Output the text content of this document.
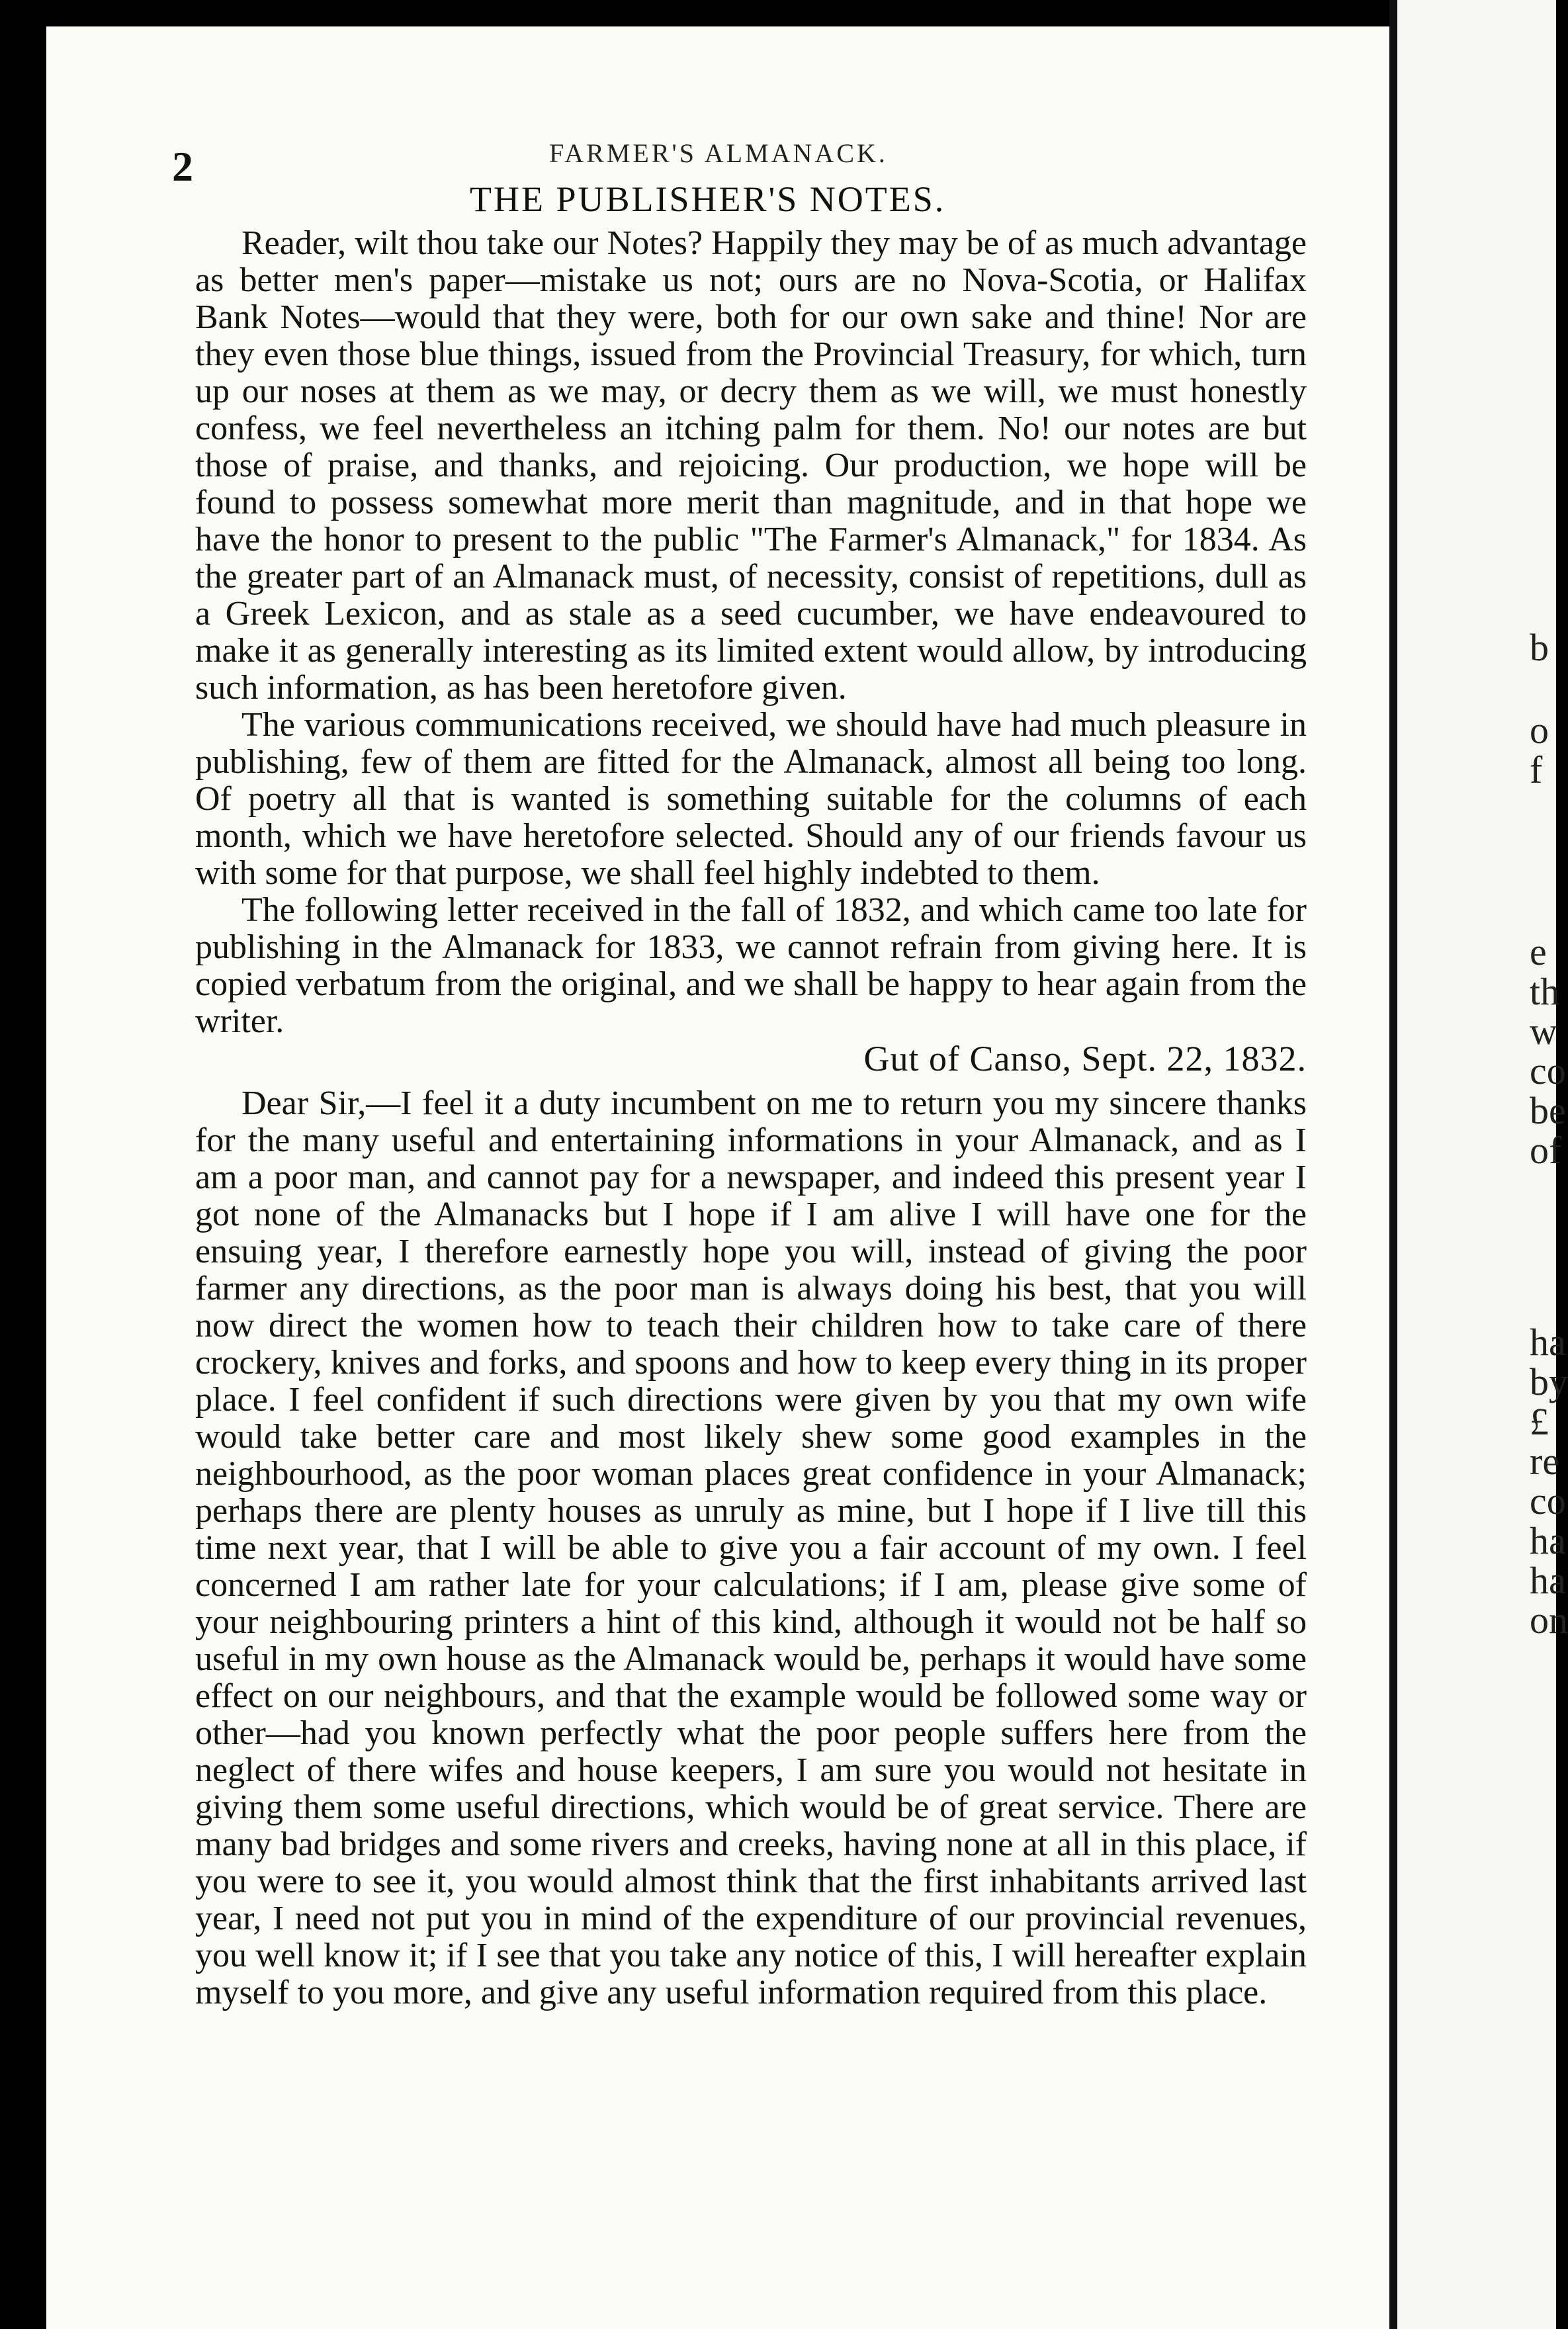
2	FARMER'S ALMANACK.
THE PUBLISHER'S NOTES.

Reader, wilt thou take our Notes? Happily they may be of as much advantage as better men's paper—mistake us not; ours are no Nova-Scotia, or Halifax Bank Notes—would that they were, both for our own sake and thine! Nor are they even those blue things, issued from the Provincial Treasury, for which, turn up our noses at them as we may, or decry them as we will, we must honestly confess, we feel nevertheless an itching palm for them. No! our notes are but those of praise, and thanks, and rejoicing. Our production, we hope will be found to possess somewhat more merit than magnitude, and in that hope we have the honor to present to the public "The Farmer's Almanack," for 1834. As the greater part of an Almanack must, of necessity, consist of repetitions, dull as a Greek Lexicon, and as stale as a seed cucumber, we have endeavoured to make it as generally interesting as its limited extent would allow, by introducing such information, as has been heretofore given.

The various communications received, we should have had much pleasure in publishing, few of them are fitted for the Almanack, almost all being too long. Of poetry all that is wanted is something suitable for the columns of each month, which we have heretofore selected. Should any of our friends favour us with some for that purpose, we shall feel highly indebted to them.

The following letter received in the fall of 1832, and which came too late for publishing in the Almanack for 1833, we cannot refrain from giving here. It is copied verbatum from the original, and we shall be happy to hear again from the writer.

Gut of Canso, Sept. 22, 1832.

Dear Sir,—I feel it a duty incumbent on me to return you my sincere thanks for the many useful and entertaining informations in your Almanack, and as I am a poor man, and cannot pay for a newspaper, and indeed this present year I got none of the Almanacks but I hope if I am alive I will have one for the ensuing year, I therefore earnestly hope you will, instead of giving the poor farmer any directions, as the poor man is always doing his best, that you will now direct the women how to teach their children how to take care of there crockery, knives and forks, and spoons and how to keep every thing in its proper place. I feel confident if such directions were given by you that my own wife would take better care and most likely shew some good examples in the neighbourhood, as the poor woman places great confidence in your Almanack; perhaps there are plenty houses as unruly as mine, but I hope if I live till this time next year, that I will be able to give you a fair account of my own. I feel concerned I am rather late for your calculations; if I am, please give some of your neighbouring printers a hint of this kind, although it would not be half so useful in my own house as the Almanack would be, perhaps it would have some effect on our neighbours, and that the example would be followed some way or other—had you known perfectly what the poor people suffers here from the neglect of there wifes and house keepers, I am sure you would not hesitate in giving them some useful directions, which would be of great service. There are many bad bridges and some rivers and creeks, having none at all in this place, if you were to see it, you would almost think that the first inhabitants arrived last year, I need not put you in mind of the expenditure of our provincial revenues, you well know it; if I see that you take any notice of this, I will hereafter explain myself to you more, and give any useful information required from this place.

b
o
f
e
th
w
co
be
of
ha
by
£
re
co
ha
ha
on
